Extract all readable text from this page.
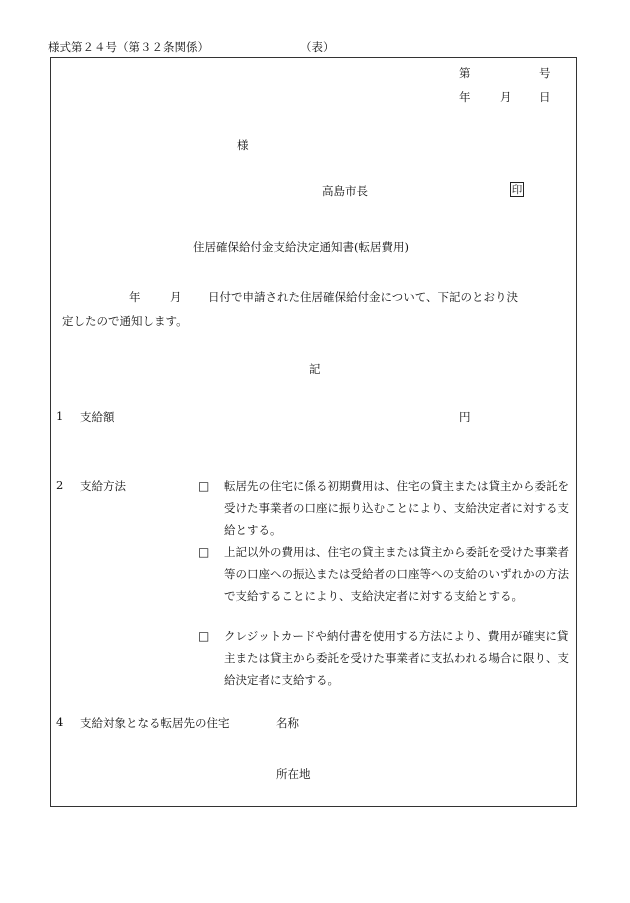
様式第２４号（第３２条関係）	（表）
第	号
年	月 日
様
高島市長	印
住居確保給付金支給決定通知書(転居費用)
年	月 日付で申請された住居確保給付金について、下記のとおり決
定したので通知します。
記
1 支給額	円
2 支給方法	□ 転居先の住宅に係る初期費用は、住宅の貸主または貸主から委託を受けた事業者の口座に振り込むことにより、支給決定者に対する支給とする。
□ 上記以外の費用は、住宅の貸主または貸主から委託を受けた事業者等の口座への振込または受給者の口座等への支給のいずれかの方法で支給することにより、支給決定者に対する支給とする。
□ クレジットカードや納付書を使用する方法により、費用が確実に貸主または貸主から委託を受けた事業者に支払われる場合に限り、支給決定者に支給する。
4 支給対象となる転居先の住宅	名称
所在地
